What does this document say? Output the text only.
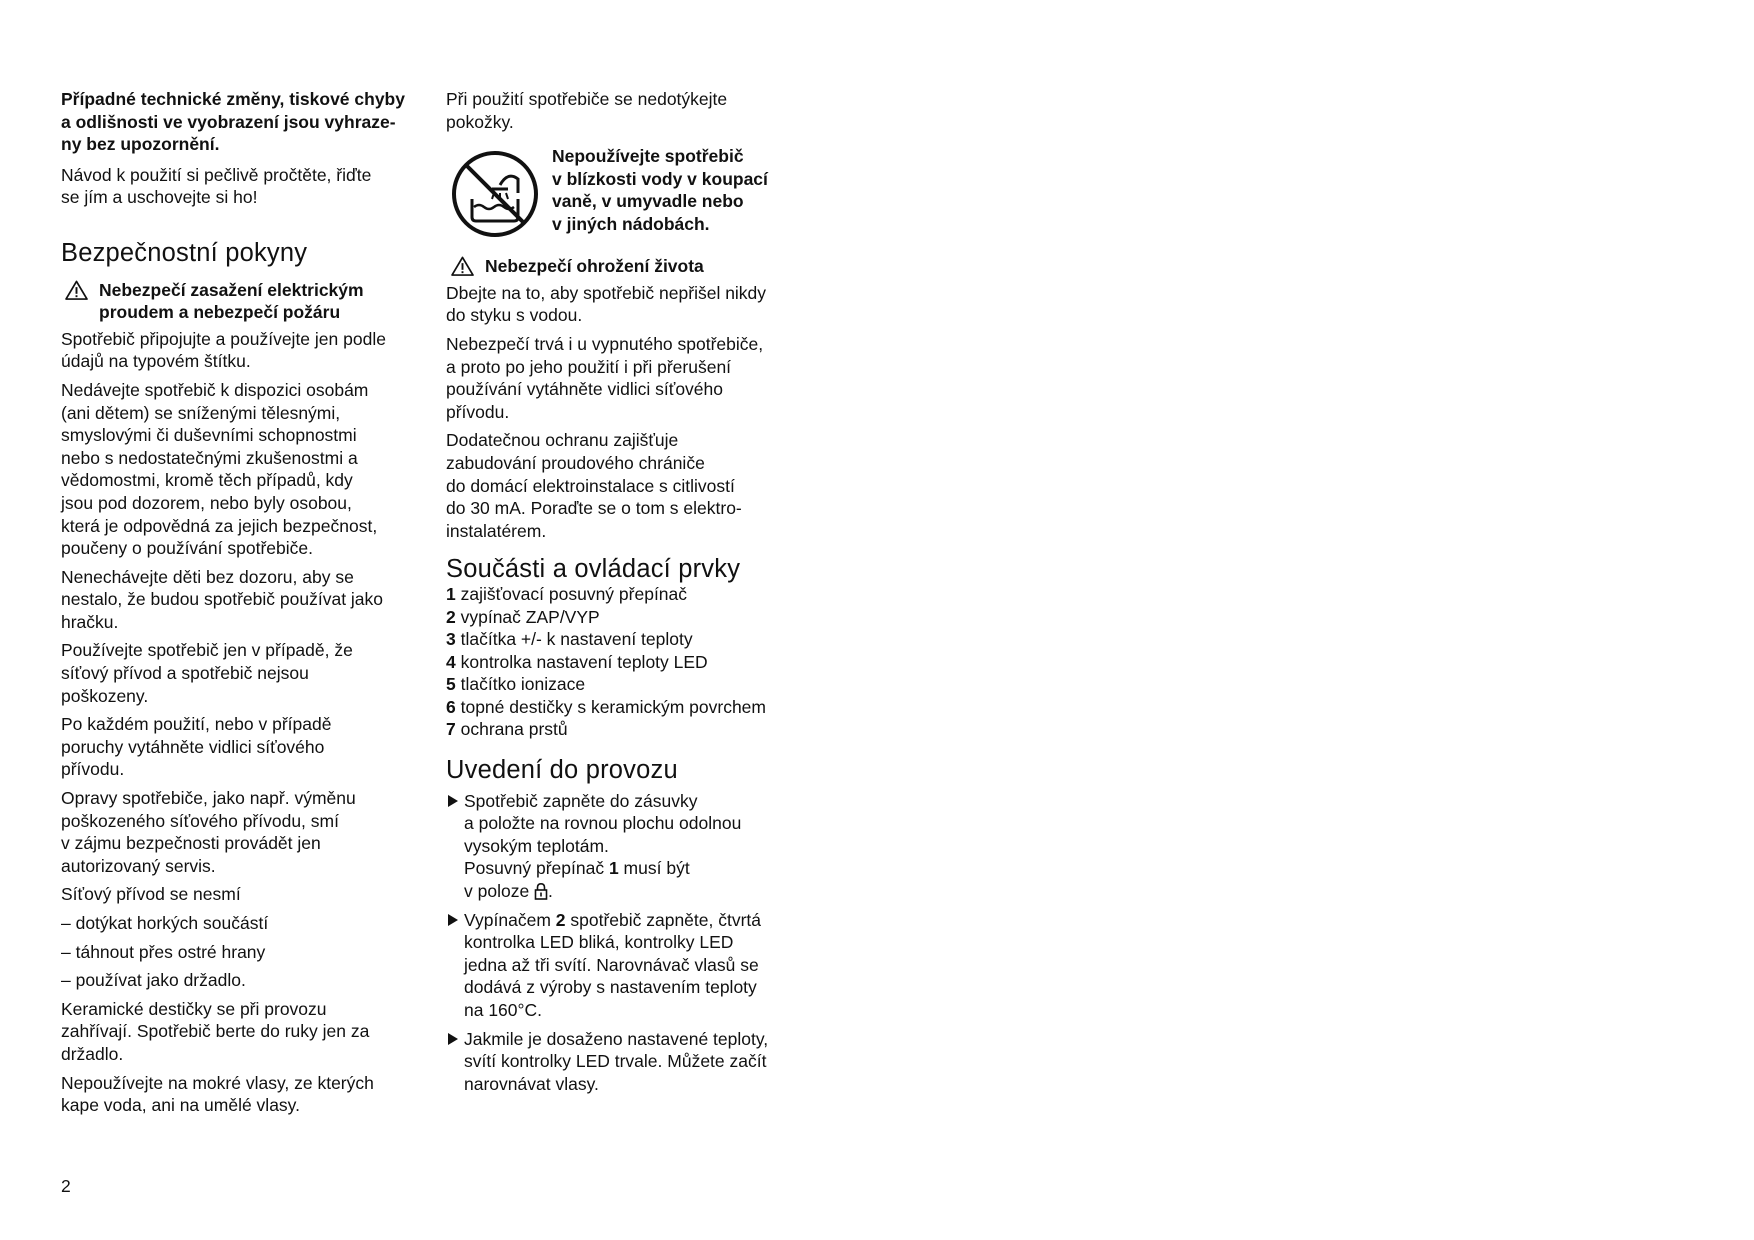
Případné technické změny, tiskové chyby
a odlišnosti ve vyobrazení jsou vyhraze-
ny bez upozornění.

Návod k použití si pečlivě pročtěte, řiďte
se jím a uschovejte si ho!

Bezpečnostní pokyny
Nebezpečí zasažení elektrickým
proudem a nebezpečí požáru

Spotřebič připojujte a používejte jen podle
údajů na typovém štítku.

Nedávejte spotřebič k dispozici osobám
(ani dětem) se sníženými tělesnými,
smyslovými či duševními schopnostmi
nebo s nedostatečnými zkušenostmi a
vědomostmi, kromě těch případů, kdy
jsou pod dozorem, nebo byly osobou,
která je odpovědná za jejich bezpečnost,
poučeny o používání spotřebiče.

Nenechávejte děti bez dozoru, aby se
nestalo, že budou spotřebič používat jako
hračku.

Používejte spotřebič jen v případě, že
síťový přívod a spotřebič nejsou
poškozeny.

Po každém použití, nebo v případě
poruchy vytáhněte vidlici síťového
přívodu.

Opravy spotřebiče, jako např. výměnu
poškozeného síťového přívodu, smí
v zájmu bezpečnosti provádět jen
autorizovaný servis.

Síťový přívod se nesmí

– dotýkat horkých součástí

– táhnout přes ostré hrany

– používat jako držadlo.

Keramické destičky se při provozu
zahřívají. Spotřebič berte do ruky jen za
držadlo.

Nepoužívejte na mokré vlasy, ze kterých
kape voda, ani na umělé vlasy.

Při použití spotřebiče se nedotýkejte
pokožky.

Nepoužívejte spotřebič
v blízkosti vody v koupací
vaně, v umyvadle nebo
v jiných nádobách.
Nebezpečí ohrožení života

Dbejte na to, aby spotřebič nepřišel nikdy
do styku s vodou.

Nebezpečí trvá i u vypnutého spotřebiče,
a proto po jeho použití i při přerušení
používání vytáhněte vidlici síťového
přívodu.

Dodatečnou ochranu zajišťuje
zabudování proudového chrániče
do domácí elektroinstalace s citlivostí
do 30 mA. Poraďte se o tom s elektro-
instalatérem.

Součásti a ovládací prvky
1 zajišťovací posuvný přepínač
2 vypínač ZAP/VYP
3 tlačítka +/- k nastavení teploty
4 kontrolka nastavení teploty LED
5 tlačítko ionizace
6 topné destičky s keramickým povrchem
7 ochrana prstů
Uvedení do provozu
Spotřebič zapněte do zásuvky
a položte na rovnou plochu odolnou
vysokým teplotám.
Posuvný přepínač 1 musí být
v poloze .
Vypínačem 2 spotřebič zapněte, čtvrtá
kontrolka LED bliká, kontrolky LED
jedna až tři svítí. Narovnávač vlasů se
dodává z výroby s nastavením teploty
na 160°C.
Jakmile je dosaženo nastavené teploty,
svítí kontrolky LED trvale. Můžete začít
narovnávat vlasy.
2
